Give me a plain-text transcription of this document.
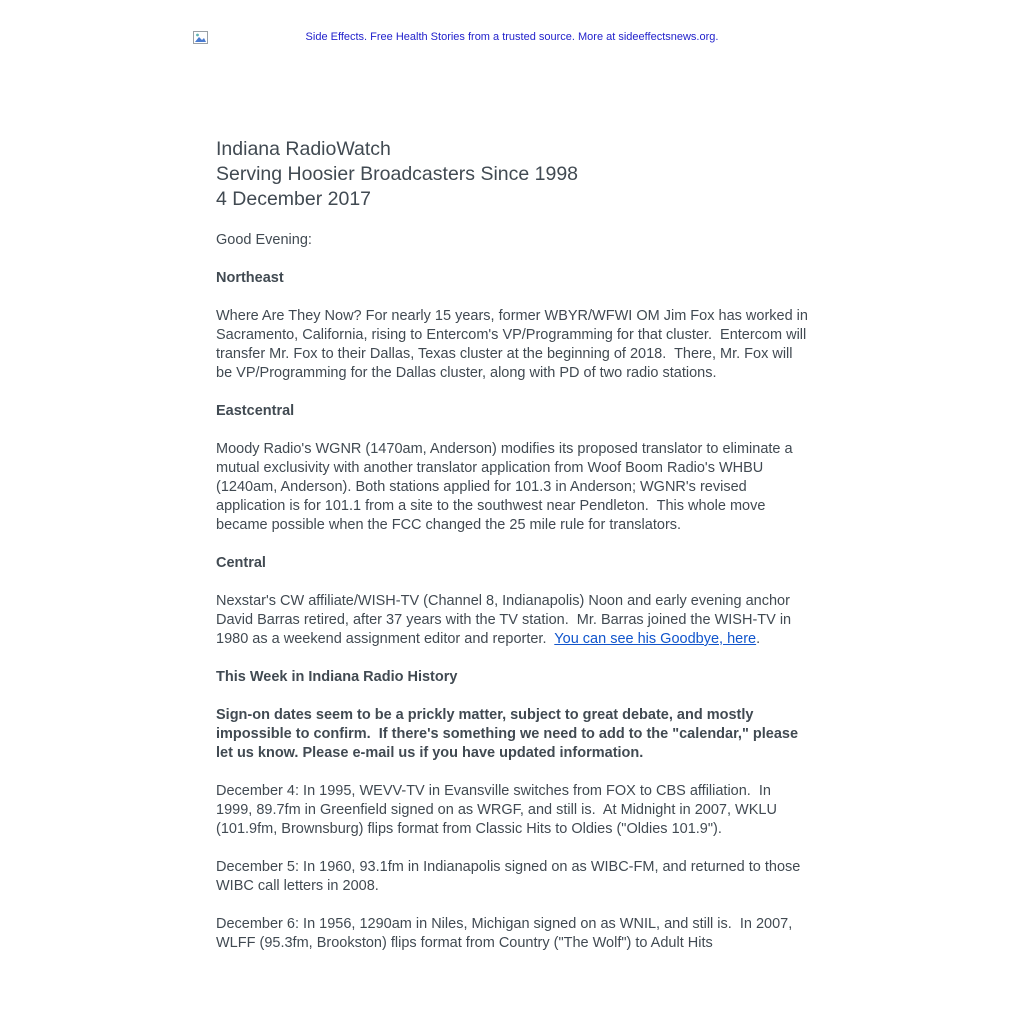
Side Effects. Free Health Stories from a trusted source. More at sideeffectsnews.org.
Indiana RadioWatch
Serving Hoosier Broadcasters Since 1998
4 December 2017

Good Evening:

Northeast

Where Are They Now? For nearly 15 years, former WBYR/WFWI OM Jim Fox has worked in Sacramento, California, rising to Entercom's VP/Programming for that cluster.  Entercom will transfer Mr. Fox to their Dallas, Texas cluster at the beginning of 2018.  There, Mr. Fox will be VP/Programming for the Dallas cluster, along with PD of two radio stations.

Eastcentral

Moody Radio's WGNR (1470am, Anderson) modifies its proposed translator to eliminate a mutual exclusivity with another translator application from Woof Boom Radio's WHBU (1240am, Anderson). Both stations applied for 101.3 in Anderson; WGNR's revised application is for 101.1 from a site to the southwest near Pendleton.  This whole move became possible when the FCC changed the 25 mile rule for translators.

Central

Nexstar's CW affiliate/WISH-TV (Channel 8, Indianapolis) Noon and early evening anchor David Barras retired, after 37 years with the TV station.  Mr. Barras joined the WISH-TV in 1980 as a weekend assignment editor and reporter.  You can see his Goodbye, here.

This Week in Indiana Radio History

Sign-on dates seem to be a prickly matter, subject to great debate, and mostly impossible to confirm.  If there's something we need to add to the "calendar," please let us know. Please e-mail us if you have updated information.

December 4: In 1995, WEVV-TV in Evansville switches from FOX to CBS affiliation.  In 1999, 89.7fm in Greenfield signed on as WRGF, and still is.  At Midnight in 2007, WKLU (101.9fm, Brownsburg) flips format from Classic Hits to Oldies ("Oldies 101.9").

December 5: In 1960, 93.1fm in Indianapolis signed on as WIBC-FM, and returned to those WIBC call letters in 2008.

December 6: In 1956, 1290am in Niles, Michigan signed on as WNIL, and still is.  In 2007, WLFF (95.3fm, Brookston) flips format from Country ("The Wolf") to Adult Hits
